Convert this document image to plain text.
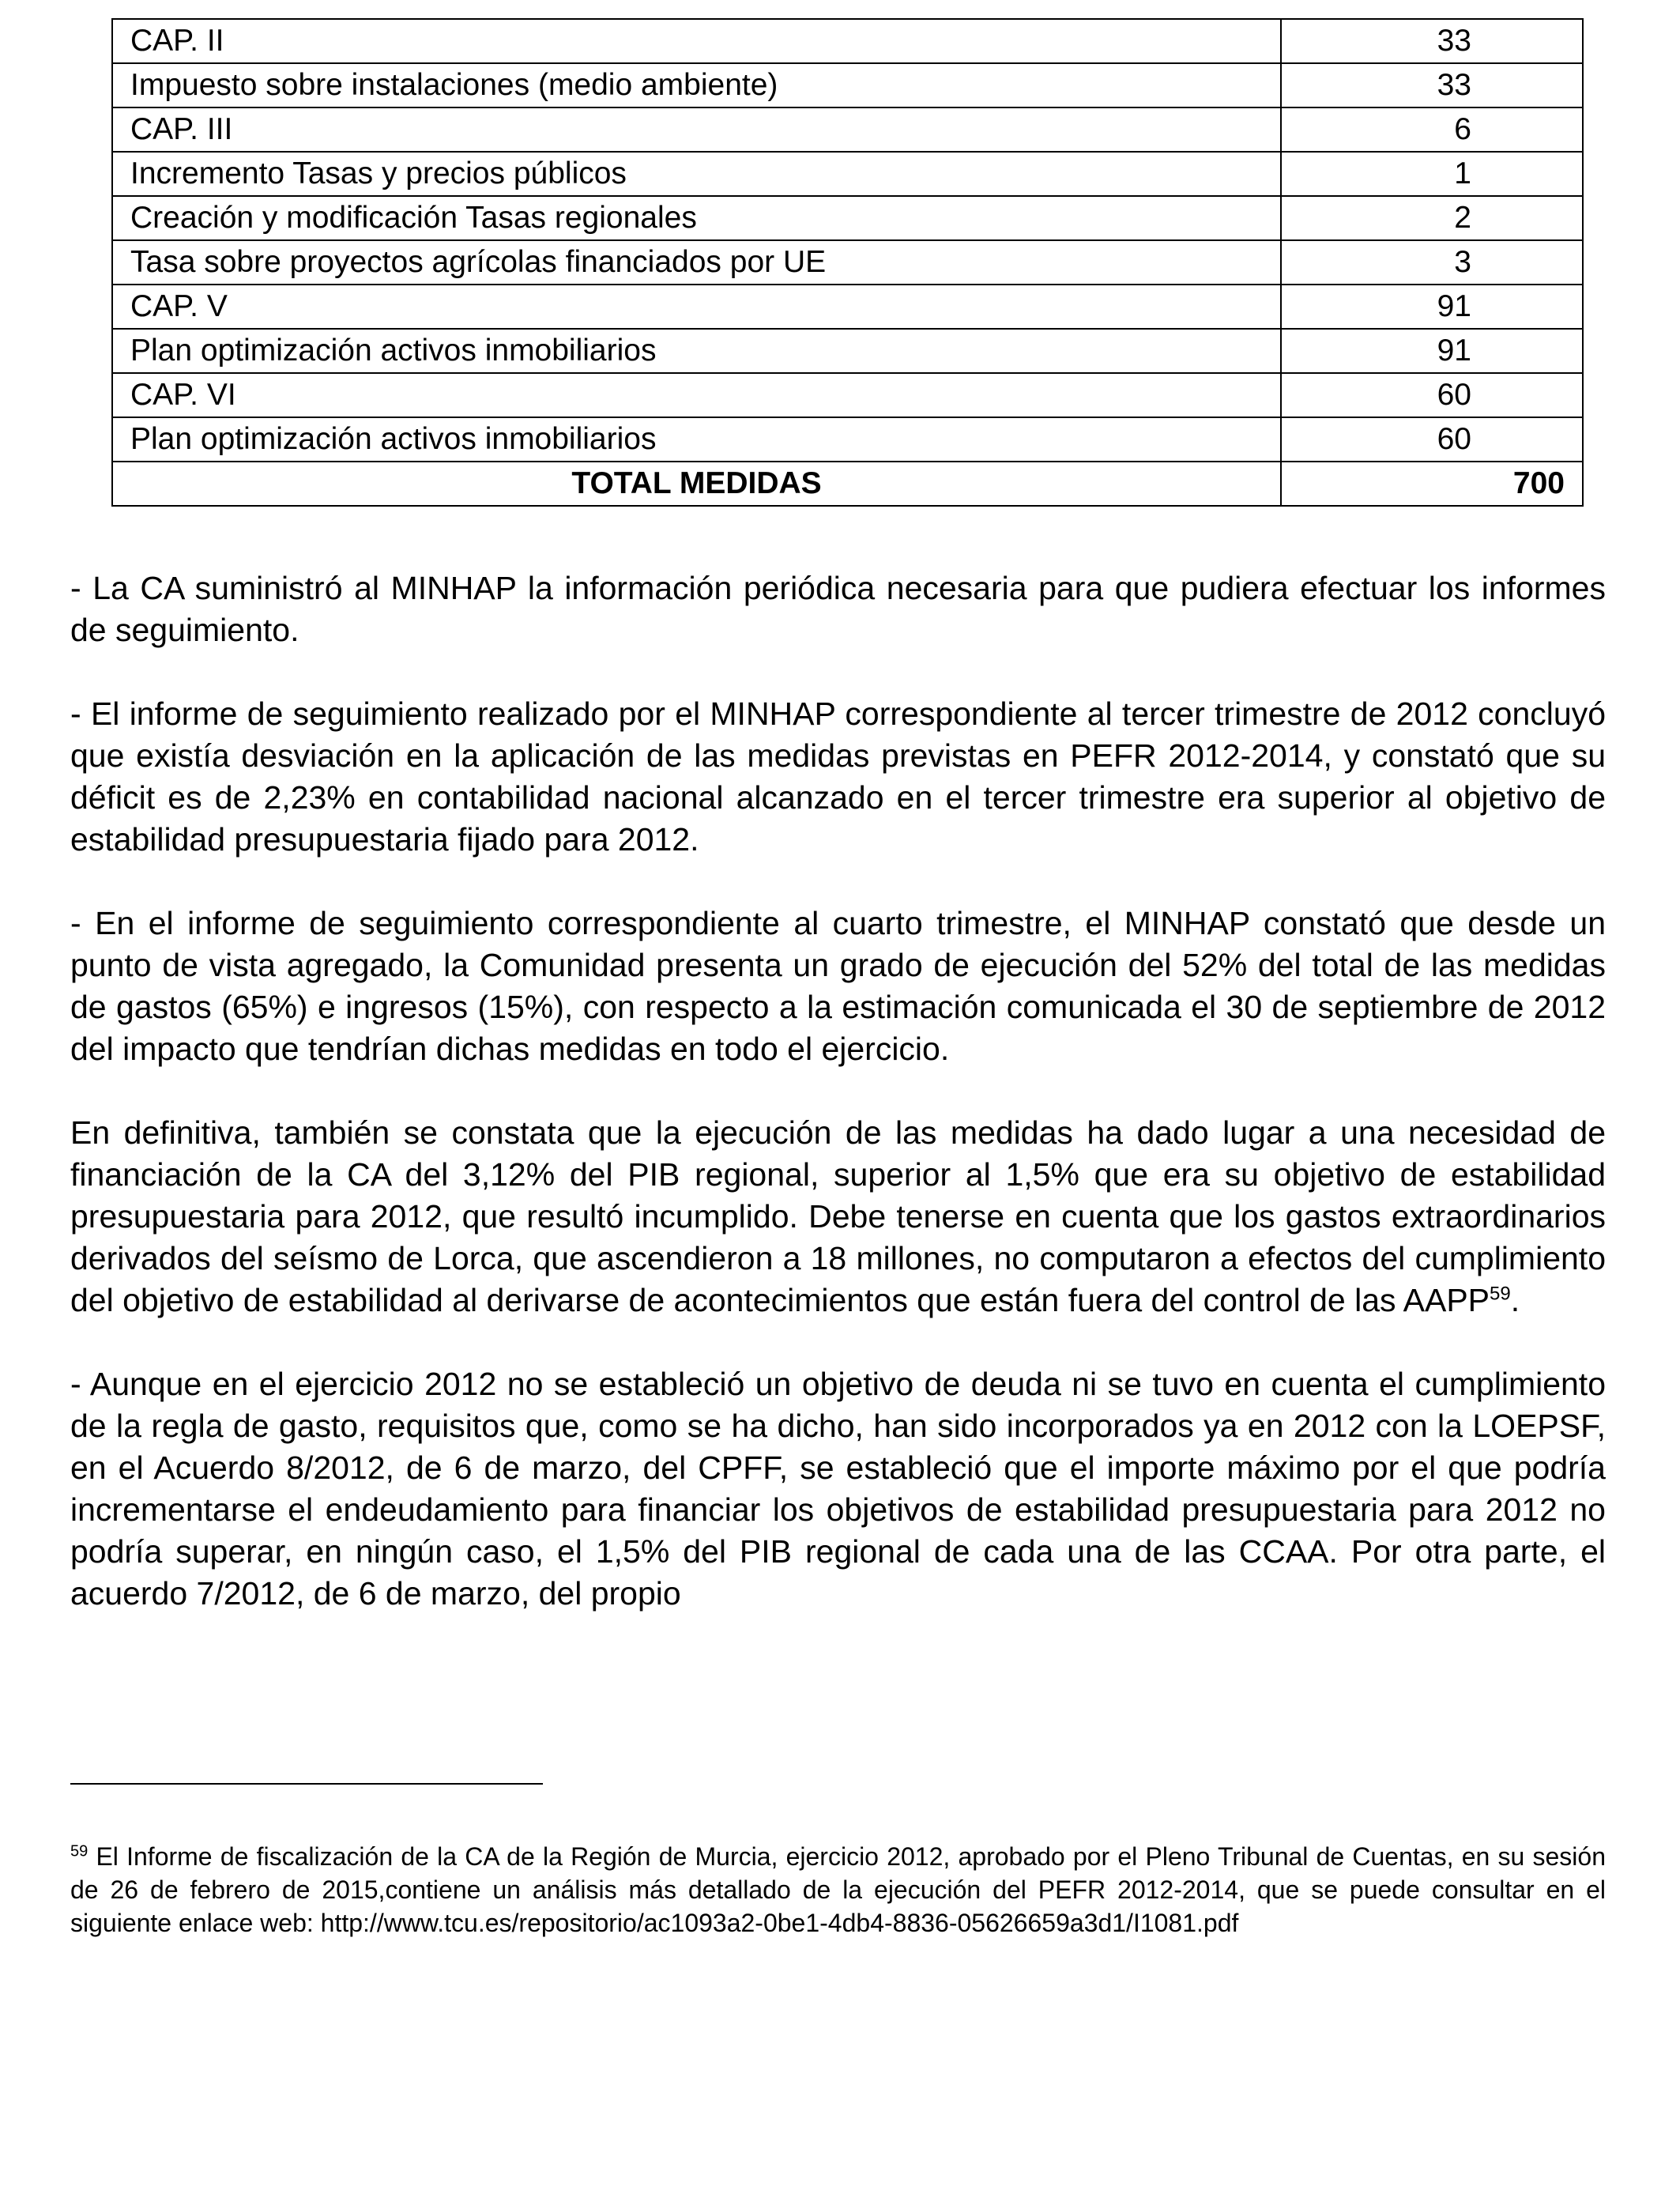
CAP. II	33
Impuesto sobre instalaciones (medio ambiente)	33
CAP. III	6
Incremento Tasas y precios públicos	1
Creación y modificación Tasas regionales	2
Tasa sobre proyectos agrícolas financiados por UE	3
CAP. V	91
Plan optimización activos inmobiliarios	91
CAP. VI	60
Plan optimización activos inmobiliarios	60
TOTAL MEDIDAS	700

- La CA suministró al MINHAP la información periódica necesaria para que pudiera efectuar los informes de seguimiento.

- El informe de seguimiento realizado por el MINHAP correspondiente al tercer trimestre de 2012 concluyó que existía desviación en la aplicación de las medidas previstas en PEFR 2012-2014, y constató que su déficit es de 2,23% en contabilidad nacional alcanzado en el tercer trimestre era superior al objetivo de estabilidad presupuestaria fijado para 2012.

- En el informe de seguimiento correspondiente al cuarto trimestre, el MINHAP constató que desde un punto de vista agregado, la Comunidad presenta un grado de ejecución del 52% del total de las medidas de gastos (65%) e ingresos (15%), con respecto a la estimación comunicada el 30 de septiembre de 2012 del impacto que tendrían dichas medidas en todo el ejercicio.

En definitiva, también se constata que la ejecución de las medidas ha dado lugar a una necesidad de financiación de la CA del 3,12% del PIB regional, superior al 1,5% que era su objetivo de estabilidad presupuestaria para 2012, que resultó incumplido. Debe tenerse en cuenta que los gastos extraordinarios derivados del seísmo de Lorca, que ascendieron a 18 millones, no computaron a efectos del cumplimiento del objetivo de estabilidad al derivarse de acontecimientos que están fuera del control de las AAPP$^{59}$.

- Aunque en el ejercicio 2012 no se estableció un objetivo de deuda ni se tuvo en cuenta el cumplimiento de la regla de gasto, requisitos que, como se ha dicho, han sido incorporados ya en 2012 con la LOEPSF, en el Acuerdo 8/2012, de 6 de marzo, del CPFF, se estableció que el importe máximo por el que podría incrementarse el endeudamiento para financiar los objetivos de estabilidad presupuestaria para 2012 no podría superar, en ningún caso, el 1,5% del PIB regional de cada una de las CCAA. Por otra parte, el acuerdo 7/2012, de 6 de marzo, del propio

$^{59}$ El Informe de fiscalización de la CA de la Región de Murcia, ejercicio 2012, aprobado por el Pleno Tribunal de Cuentas, en su sesión de 26 de febrero de 2015,contiene un análisis más detallado de la ejecución del PEFR 2012-2014, que se puede consultar en el siguiente enlace web: http://www.tcu.es/repositorio/ac1093a2-0be1-4db4-8836-05626659a3d1/I1081.pdf
